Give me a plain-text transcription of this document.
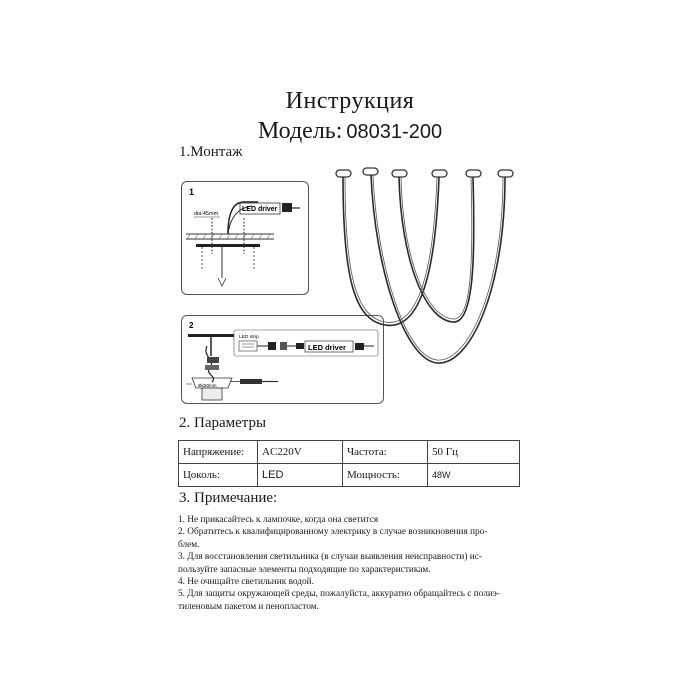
Инструкция
Модель: 08031-200
1.Монтаж
1
dia:45mm
LED driver
2
Ø≤80mm
LED strip
LED driver
2. Параметры
Напряжение:	AC220V	Частота:	50 Гц
Цоколь:	LED	Мощность:	48W
3. Примечание:
1. Не прикасайтесь к лампочке, когда она светится
2. Обратитесь к квалифицированному электрику в случае возникновения про-
блем.
3. Для восстановления светильника (в случаи выявления неисправности) ис-
пользуйте запасные элементы подходящие по характеристикам.
4. Не очищайте светильник водой.
5. Для защиты окружающей среды, пожалуйста, аккуратно обращайтесь с полиэ-
тиленовым пакетом и пенопластом.
